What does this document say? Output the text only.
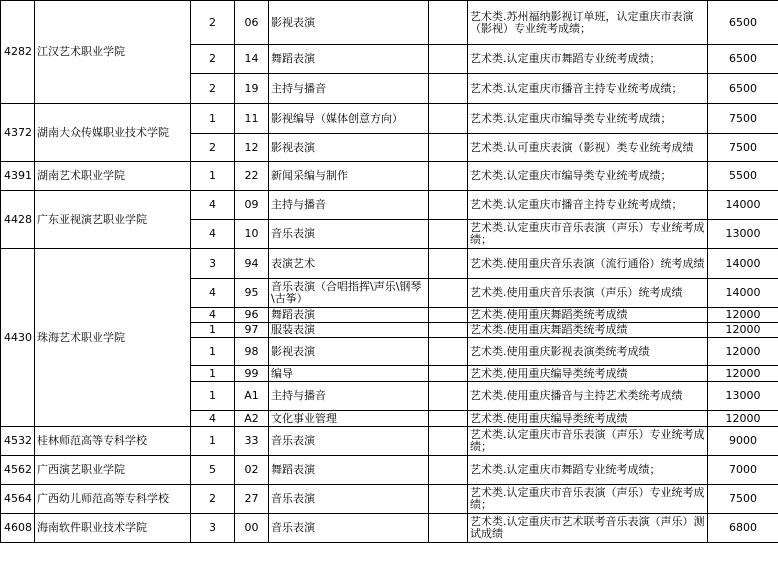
4282	江汉艺术职业学院	2	06	影视表演		艺术类.苏州福纳影视订单班，认定重庆市表演（影视）专业统考成绩；	6500
		2	14	舞蹈表演		艺术类.认定重庆市舞蹈专业统考成绩；	6500
		2	19	主持与播音		艺术类.认定重庆市播音主持专业统考成绩；	6500
4372	湖南大众传媒职业技术学院	1	11	影视编导（媒体创意方向）		艺术类.认定重庆市编导类专业统考成绩；	7500
		2	12	影视表演		艺术类.认可重庆表演（影视）类专业统考成绩	7500
4391	湖南艺术职业学院	1	22	新闻采编与制作		艺术类.认定重庆市编导类专业统考成绩；	5500
4428	广东亚视演艺职业学院	4	09	主持与播音		艺术类.认定重庆市播音主持专业统考成绩；	14000
		4	10	音乐表演		艺术类.认定重庆市音乐表演（声乐）专业统考成绩；	13000
4430	珠海艺术职业学院	3	94	表演艺术		艺术类.使用重庆音乐表演（流行通俗）统考成绩	14000
		4	95	音乐表演（合唱指挥\声乐\钢琴\古筝）		艺术类.使用重庆音乐表演（声乐）统考成绩	14000
		4	96	舞蹈表演		艺术类.使用重庆舞蹈类统考成绩	12000
		1	97	服装表演		艺术类.使用重庆舞蹈类统考成绩	12000
		1	98	影视表演		艺术类.使用重庆影视表演类统考成绩	12000
		1	99	编导		艺术类.使用重庆编导类统考成绩	12000
		1	A1	主持与播音		艺术类.使用重庆播音与主持艺术类统考成绩	13000
		4	A2	文化事业管理		艺术类.使用重庆编导类统考成绩	12000
4532	桂林师范高等专科学校	1	33	音乐表演		艺术类.认定重庆市音乐表演（声乐）专业统考成绩；	9000
4562	广西演艺职业学院	5	02	舞蹈表演		艺术类.认定重庆市舞蹈专业统考成绩；	7000
4564	广西幼儿师范高等专科学校	2	27	音乐表演		艺术类.认定重庆市音乐表演（声乐）专业统考成绩；	7500
4608	海南软件职业技术学院	3	00	音乐表演		艺术类.认定重庆市艺术联考音乐表演（声乐）测试成绩	6800
